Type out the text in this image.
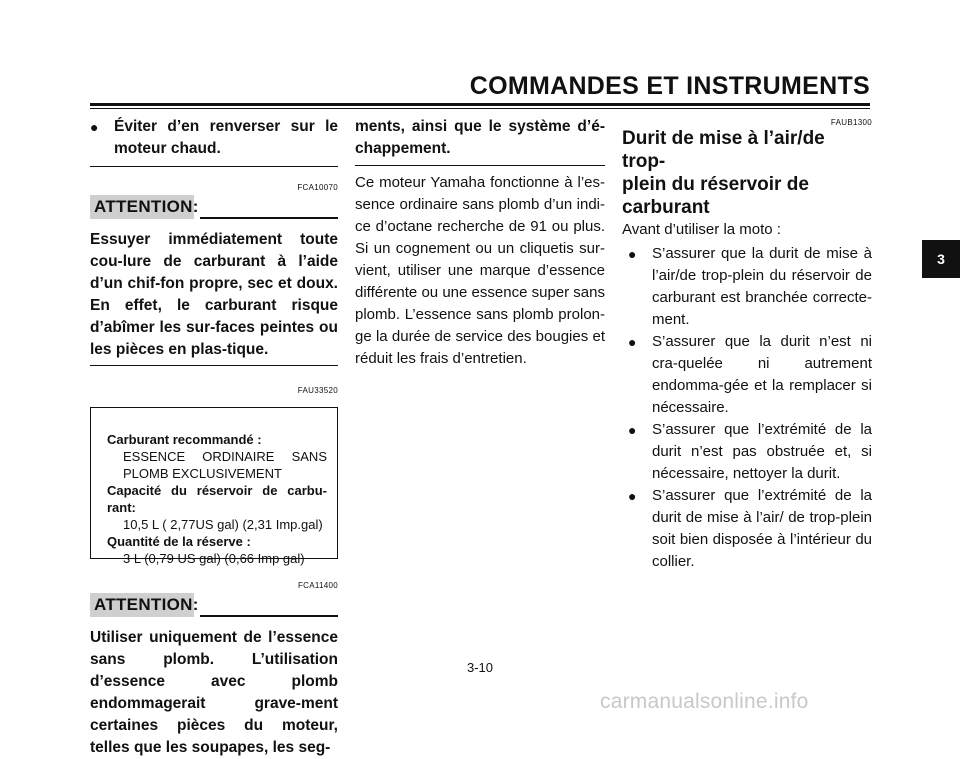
COMMANDES ET INSTRUMENTS
3
● Éviter d’en renverser sur le
moteur chaud.
FCA10070
ATTENTION:
Essuyer immédiatement toute cou-lure de carburant à l’aide d’un chif-fon propre, sec et doux. En effet, le carburant risque d’abîmer les sur-faces peintes ou les pièces en plas-tique.
FAU33520
Carburant recommandé :
ESSENCE ORDINAIRE SANS
PLOMB EXCLUSIVEMENT
Capacité du réservoir de carbu-
rant:
10,5 L ( 2,77US gal) (2,31 Imp.gal)
Quantité de la réserve :
3 L (0,79 US gal) (0,66 Imp gal)
FCA11400
ATTENTION:
Utiliser uniquement de l’essence sans plomb. L’utilisation d’essence avec plomb endommagerait grave-ment certaines pièces du moteur, telles que les soupapes, les seg-
ments, ainsi que le système d’é-chappement.
Ce moteur Yamaha fonctionne à l’es-sence ordinaire sans plomb d’un indi-ce d’octane recherche de 91 ou plus. Si un cognement ou un cliquetis sur-vient, utiliser une marque d’essence différente ou une essence super sans plomb. L’essence sans plomb prolon-ge la durée de service des bougies et réduit les frais d’entretien.
FAUB1300
Durit de mise à l’air/de trop-
plein du réservoir de
carburant
Avant d’utiliser la moto :
● S’assurer que la durit de mise à l’air/de trop-plein du réservoir de carburant est branchée correcte-ment.
● S’assurer que la durit n’est ni cra-quelée ni autrement endomma-gée et la remplacer si nécessaire.
● S’assurer que l’extrémité de la durit n’est pas obstruée et, si nécessaire, nettoyer la durit.
● S’assurer que l’extrémité de la durit de mise à l’air/ de trop-plein soit bien disposée à l’intérieur du collier.
3-10
carmanualsonline.info
